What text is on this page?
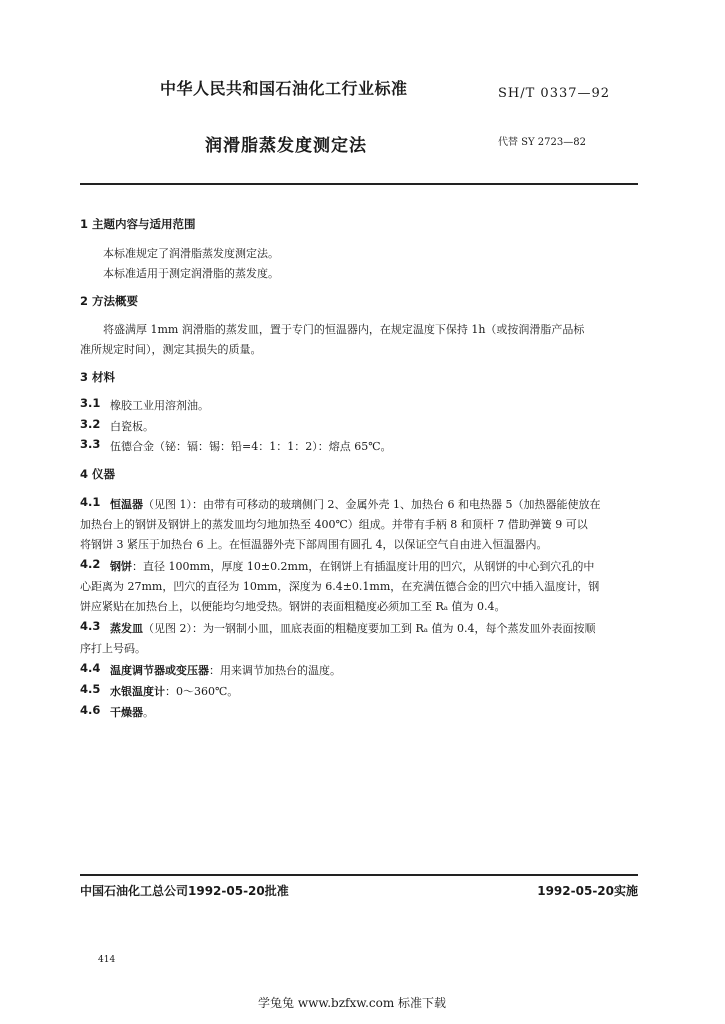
中华人民共和国石油化工行业标准	SH/T 0337—92
润滑脂蒸发度测定法	代替 SY 2723—82
1 主题内容与适用范围
本标准规定了润滑脂蒸发度测定法。
本标准适用于测定润滑脂的蒸发度。
2 方法概要
将盛满厚 1mm 润滑脂的蒸发皿，置于专门的恒温器内，在规定温度下保持 1h（或按润滑脂产品标
准所规定时间），测定其损失的质量。
3 材料
3.1 橡胶工业用溶剂油。
3.2 白瓷板。
3.3 伍德合金（铋：镉：锡：铅=4：1：1：2）：熔点 65℃。
4 仪器
4.1 恒温器（见图 1）：由带有可移动的玻璃侧门 2、金属外壳 1、加热台 6 和电热器 5（加热器能使放在
加热台上的钢饼及钢饼上的蒸发皿均匀地加热至 400℃）组成。并带有手柄 8 和顶杆 7 借助弹簧 9 可以
将钢饼 3 紧压于加热台 6 上。在恒温器外壳下部周围有圆孔 4，以保证空气自由进入恒温器内。
4.2 钢饼：直径 100mm，厚度 10±0.2mm，在钢饼上有插温度计用的凹穴，从钢饼的中心到穴孔的中
心距离为 27mm，凹穴的直径为 10mm，深度为 6.4±0.1mm，在充满伍德合金的凹穴中插入温度计，钢
饼应紧贴在加热台上，以便能均匀地受热。钢饼的表面粗糙度必须加工至 Rₐ 值为 0.4。
4.3 蒸发皿（见图 2）：为一钢制小皿，皿底表面的粗糙度要加工到 Rₐ 值为 0.4，每个蒸发皿外表面按顺
序打上号码。
4.4 温度调节器或变压器：用来调节加热台的温度。
4.5 水银温度计：0～360℃。
4.6 干燥器。
中国石油化工总公司1992-05-20批准	1992-05-20实施
414
学兔兔 www.bzfxw.com 标准下载
